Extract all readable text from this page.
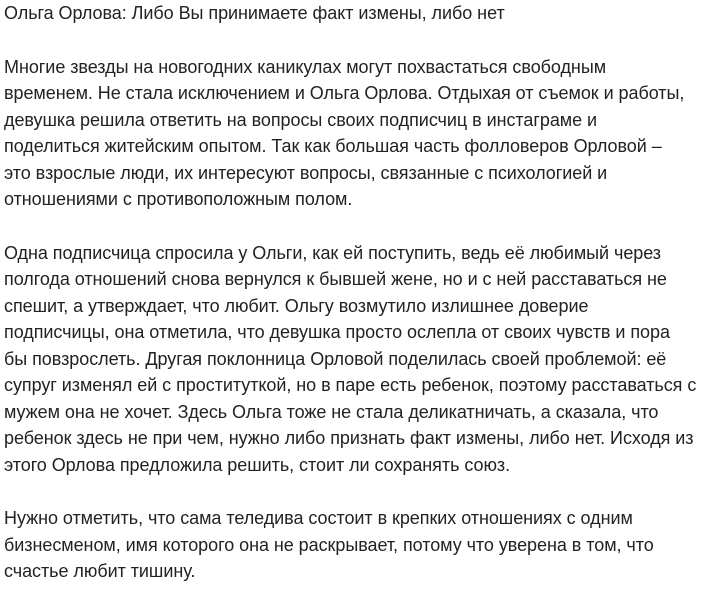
Ольга Орлова: Либо Вы принимаете факт измены, либо нет

Многие звезды на новогодних каникулах могут похвастаться свободным
временем. Не стала исключением и Ольга Орлова. Отдыхая от съемок и работы,
девушка решила ответить на вопросы своих подписчиц в инстаграме и
поделиться житейским опытом. Так как большая часть фолловеров Орловой –
это взрослые люди, их интересуют вопросы, связанные с психологией и
отношениями с противоположным полом.

Одна подписчица спросила у Ольги, как ей поступить, ведь её любимый через
полгода отношений снова вернулся к бывшей жене, но и с ней расставаться не
спешит, а утверждает, что любит. Ольгу возмутило излишнее доверие
подписчицы, она отметила, что девушка просто ослепла от своих чувств и пора
бы повзрослеть. Другая поклонница Орловой поделилась своей проблемой: её
супруг изменял ей с проституткой, но в паре есть ребенок, поэтому расставаться с
мужем она не хочет. Здесь Ольга тоже не стала деликатничать, а сказала, что
ребенок здесь не при чем, нужно либо признать факт измены, либо нет. Исходя из
этого Орлова предложила решить, стоит ли сохранять союз.

Нужно отметить, что сама теледива состоит в крепких отношениях с одним
бизнесменом, имя которого она не раскрывает, потому что уверена в том, что
счастье любит тишину.
